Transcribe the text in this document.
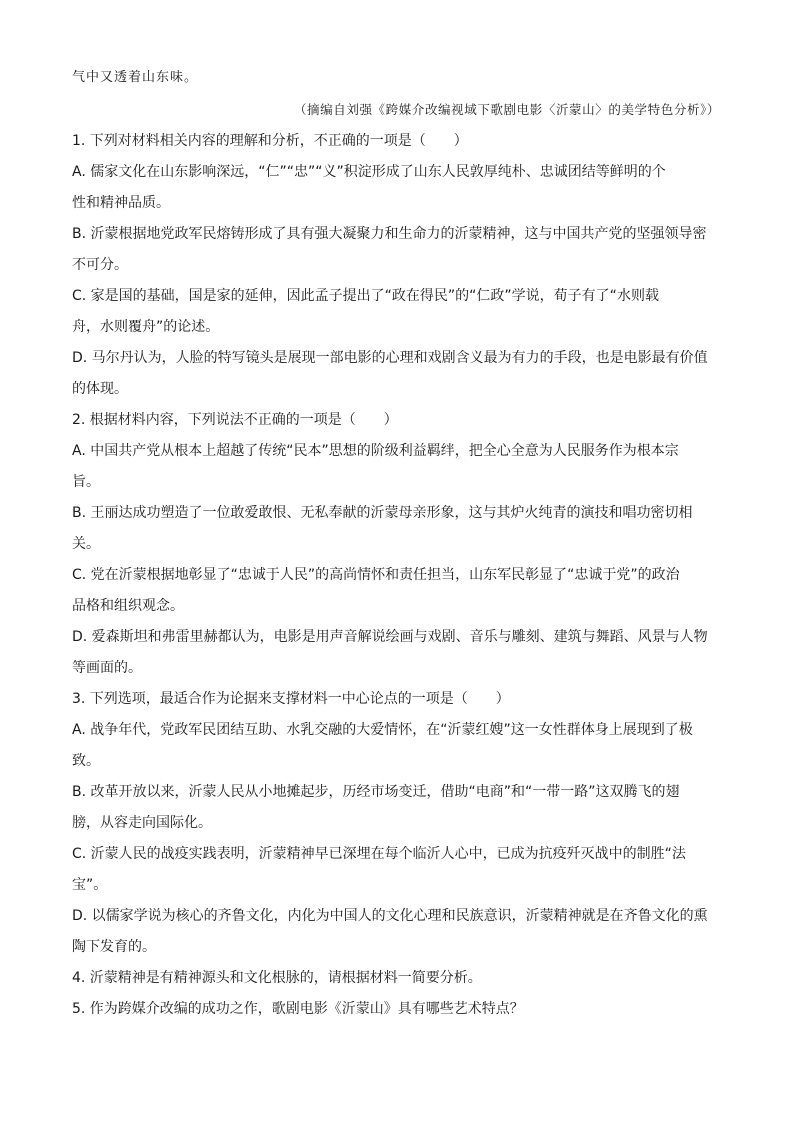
气中又透着山东味。
（摘编自刘强《跨媒介改编视域下歌剧电影〈沂蒙山〉的美学特色分析》）
1. 下列对材料相关内容的理解和分析，不正确的一项是（　　）
A. 儒家文化在山东影响深远，“仁”“忠”“义”积淀形成了山东人民敦厚纯朴、忠诚团结等鲜明的个
性和精神品质。
B. 沂蒙根据地党政军民熔铸形成了具有强大凝聚力和生命力的沂蒙精神，这与中国共产党的坚强领导密
不可分。
C. 家是国的基础，国是家的延伸，因此孟子提出了“政在得民”的“仁政”学说，荀子有了“水则载
舟，水则覆舟”的论述。
D. 马尔丹认为，人脸的特写镜头是展现一部电影的心理和戏剧含义最为有力的手段，也是电影最有价值
的体现。
2. 根据材料内容，下列说法不正确的一项是（　　）
A. 中国共产党从根本上超越了传统“民本”思想的阶级利益羁绊，把全心全意为人民服务作为根本宗
旨。
B. 王丽达成功塑造了一位敢爱敢恨、无私奉献的沂蒙母亲形象，这与其炉火纯青的演技和唱功密切相
关。
C. 党在沂蒙根据地彰显了“忠诚于人民”的高尚情怀和责任担当，山东军民彰显了“忠诚于党”的政治
品格和组织观念。
D. 爱森斯坦和弗雷里赫都认为，电影是用声音解说绘画与戏剧、音乐与雕刻、建筑与舞蹈、风景与人物
等画面的。
3. 下列选项，最适合作为论据来支撑材料一中心论点的一项是（　　）
A. 战争年代，党政军民团结互助、水乳交融的大爱情怀，在“沂蒙红嫂”这一女性群体身上展现到了极
致。
B. 改革开放以来，沂蒙人民从小地摊起步，历经市场变迁，借助“电商”和“一带一路”这双腾飞的翅
膀，从容走向国际化。
C. 沂蒙人民的战疫实践表明，沂蒙精神早已深埋在每个临沂人心中，已成为抗疫歼灭战中的制胜“法
宝”。
D. 以儒家学说为核心的齐鲁文化，内化为中国人的文化心理和民族意识，沂蒙精神就是在齐鲁文化的熏
陶下发育的。
4. 沂蒙精神是有精神源头和文化根脉的，请根据材料一简要分析。
5. 作为跨媒介改编的成功之作，歌剧电影《沂蒙山》具有哪些艺术特点？
